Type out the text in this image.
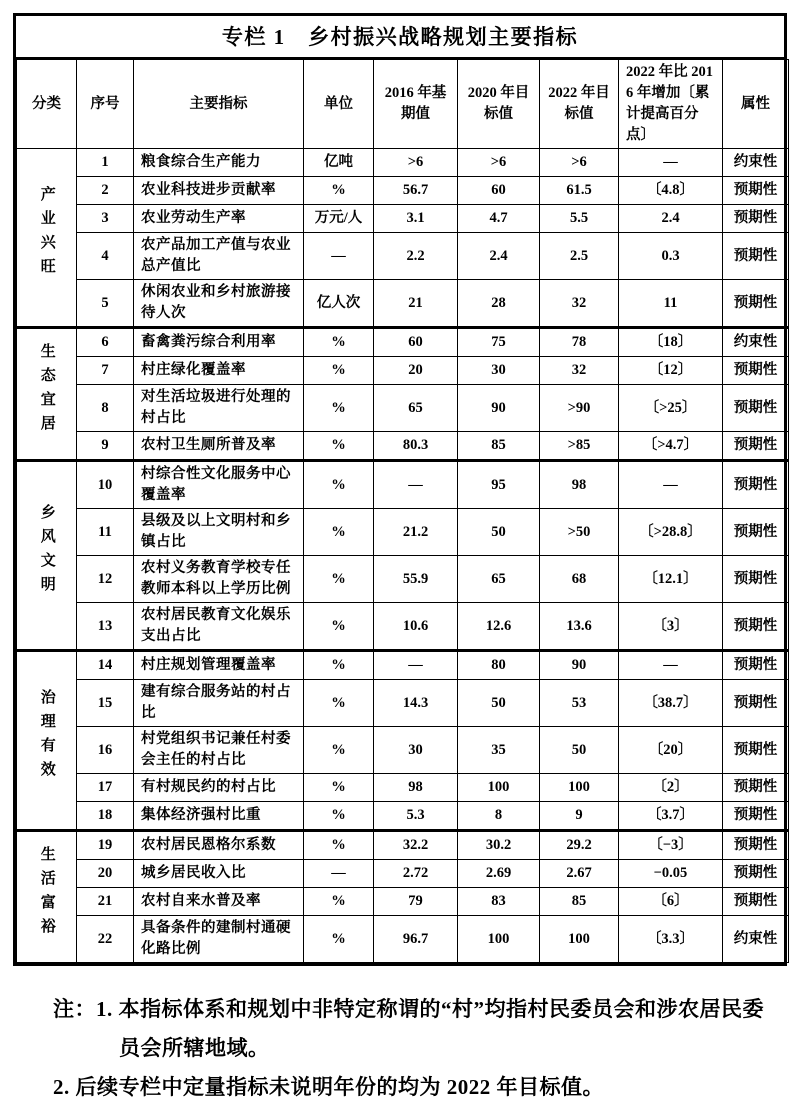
专栏 1　乡村振兴战略规划主要指标
分类	序号	主要指标	单位	2016 年基期值	2020 年目标值	2022 年目标值	2022 年比 2016 年增加〔累计提高百分点〕	属性
产业兴旺	1	粮食综合生产能力	亿吨	>6	>6	>6	—	约束性
	2	农业科技进步贡献率	%	56.7	60	61.5	〔4.8〕	预期性
	3	农业劳动生产率	万元/人	3.1	4.7	5.5	2.4	预期性
	4	农产品加工产值与农业总产值比	—	2.2	2.4	2.5	0.3	预期性
	5	休闲农业和乡村旅游接待人次	亿人次	21	28	32	11	预期性
生态宜居	6	畜禽粪污综合利用率	%	60	75	78	〔18〕	约束性
	7	村庄绿化覆盖率	%	20	30	32	〔12〕	预期性
	8	对生活垃圾进行处理的村占比	%	65	90	>90	〔>25〕	预期性
	9	农村卫生厕所普及率	%	80.3	85	>85	〔>4.7〕	预期性
乡风文明	10	村综合性文化服务中心覆盖率	%	—	95	98	—	预期性
	11	县级及以上文明村和乡镇占比	%	21.2	50	>50	〔>28.8〕	预期性
	12	农村义务教育学校专任教师本科以上学历比例	%	55.9	65	68	〔12.1〕	预期性
	13	农村居民教育文化娱乐支出占比	%	10.6	12.6	13.6	〔3〕	预期性
治理有效	14	村庄规划管理覆盖率	%	—	80	90	—	预期性
	15	建有综合服务站的村占比	%	14.3	50	53	〔38.7〕	预期性
	16	村党组织书记兼任村委会主任的村占比	%	30	35	50	〔20〕	预期性
	17	有村规民约的村占比	%	98	100	100	〔2〕	预期性
	18	集体经济强村比重	%	5.3	8	9	〔3.7〕	预期性
生活富裕	19	农村居民恩格尔系数	%	32.2	30.2	29.2	〔−3〕	预期性
	20	城乡居民收入比	—	2.72	2.69	2.67	−0.05	预期性
	21	农村自来水普及率	%	79	83	85	〔6〕	预期性
	22	具备条件的建制村通硬化路比例	%	96.7	100	100	〔3.3〕	约束性

注：1. 本指标体系和规划中非特定称谓的“村”均指村民委员会和涉农居民委员会所辖地域。

2. 后续专栏中定量指标未说明年份的均为 2022 年目标值。
